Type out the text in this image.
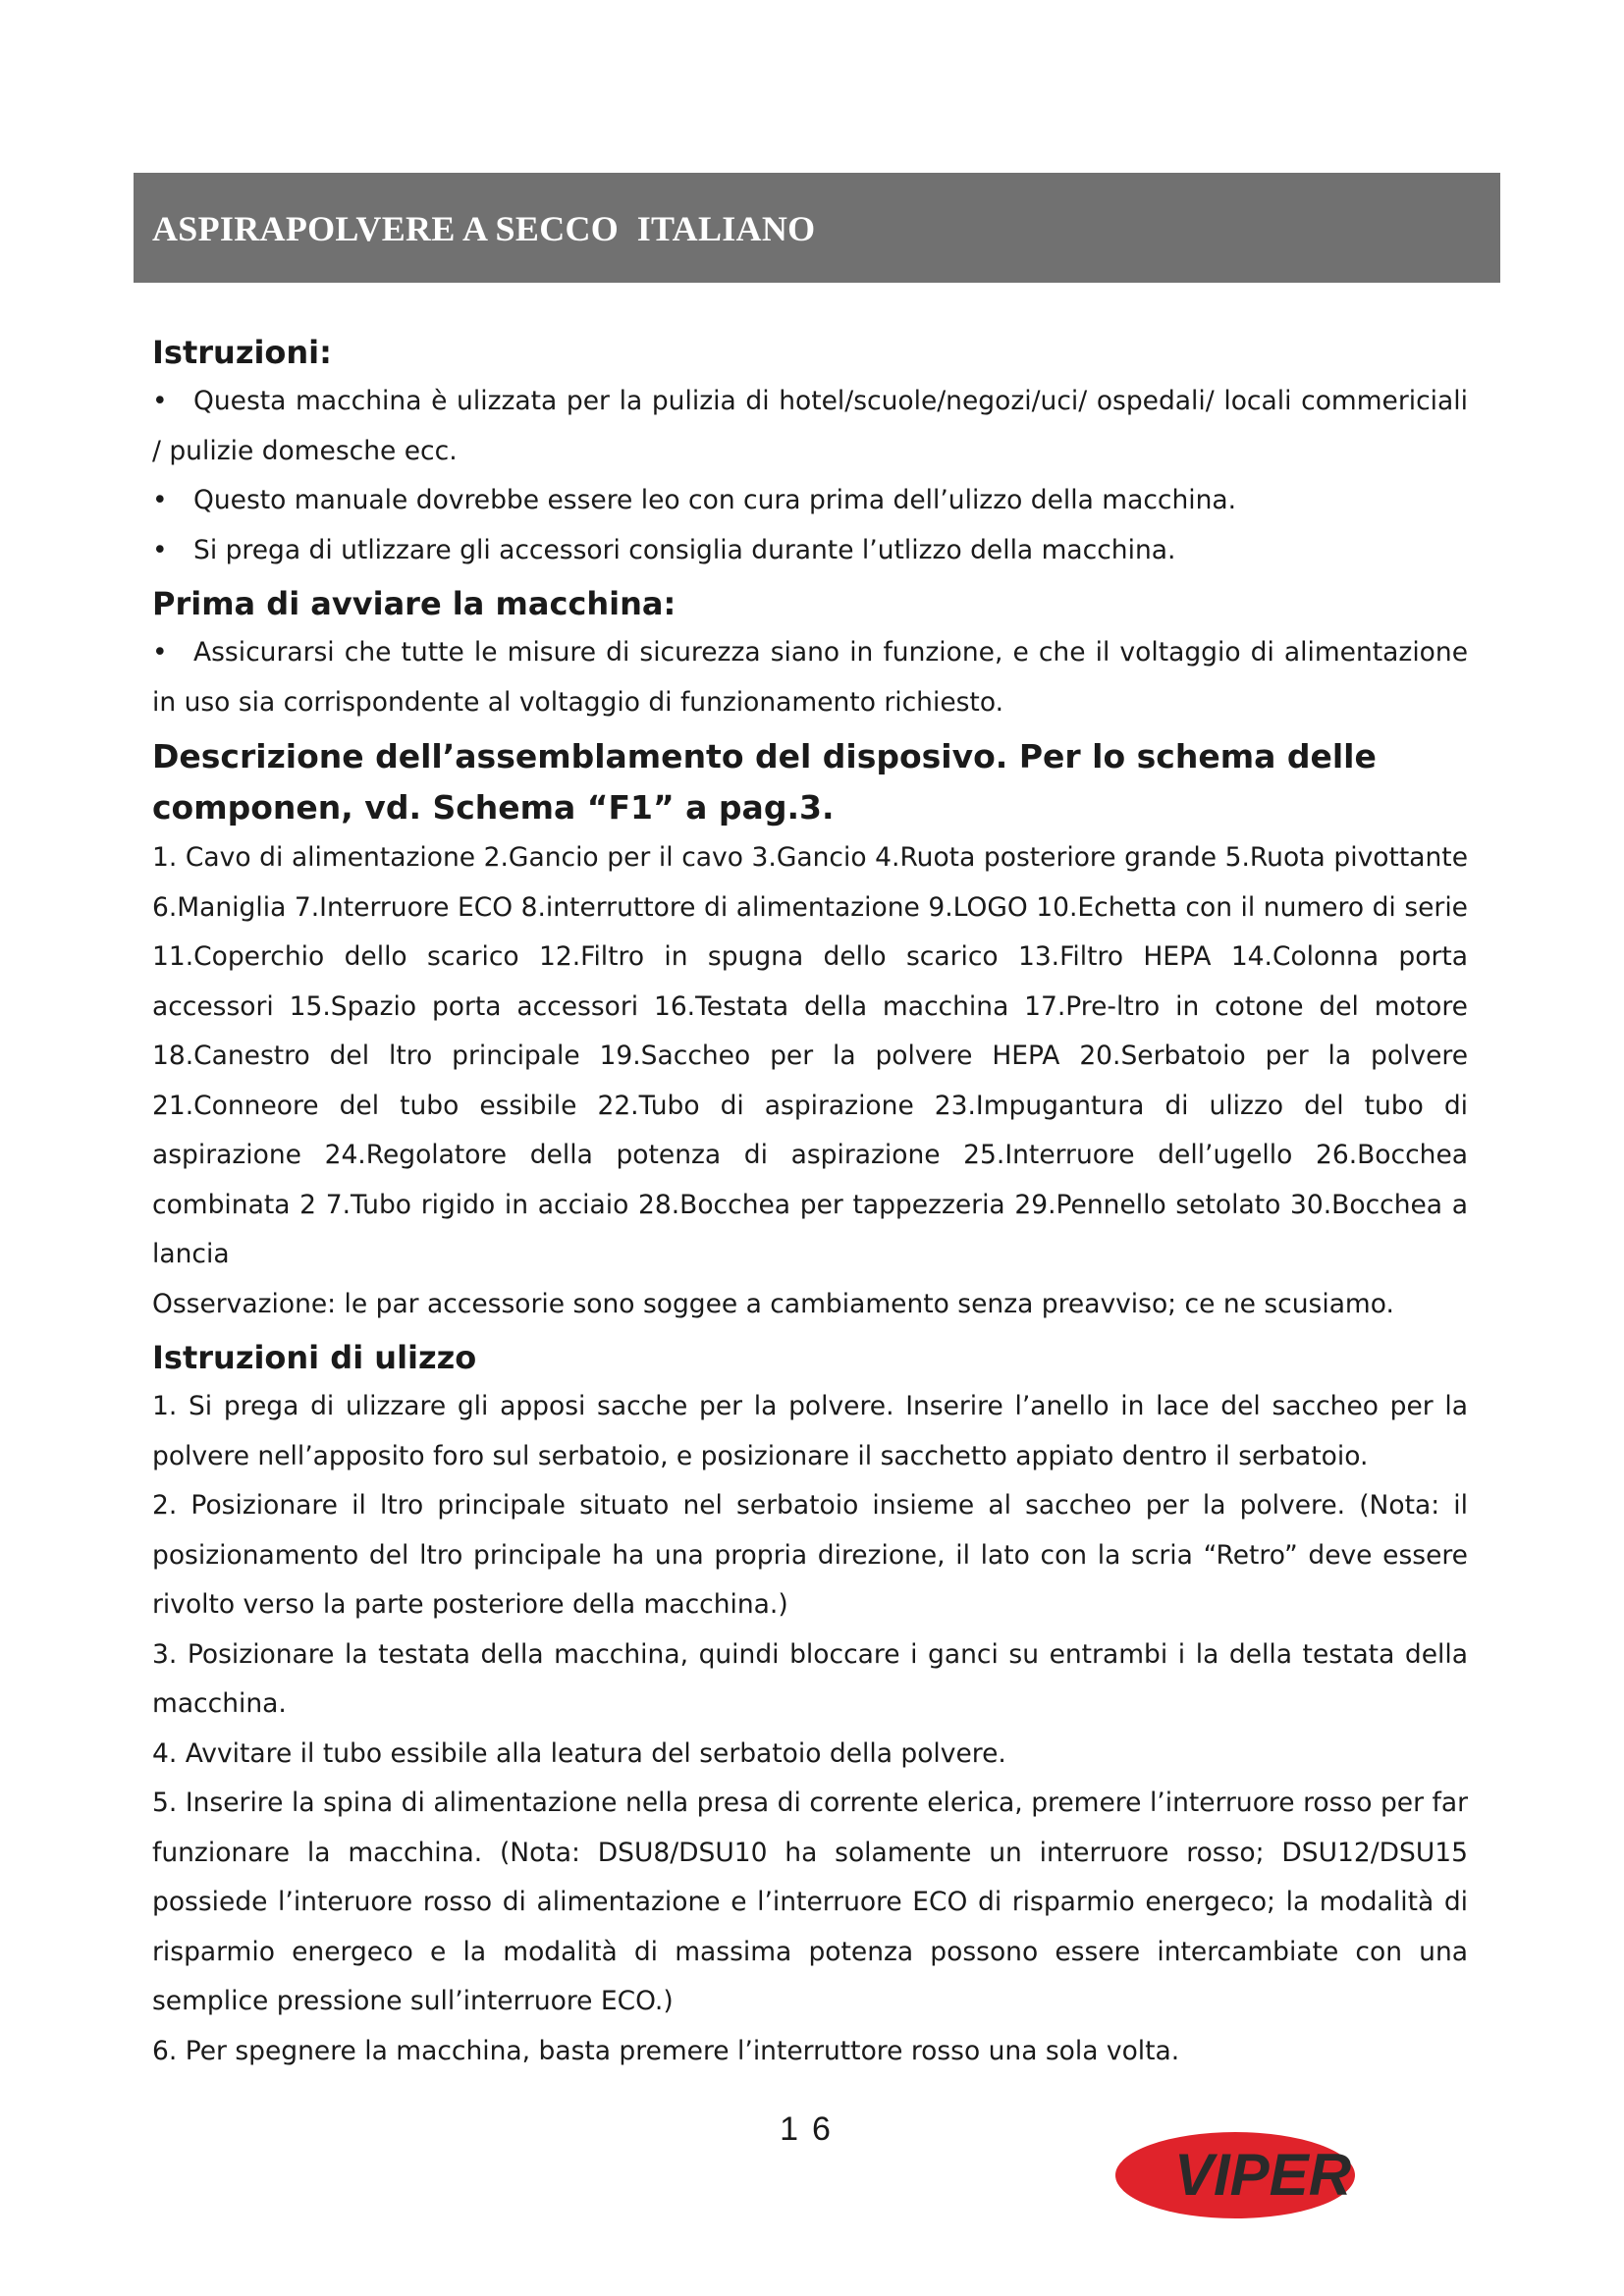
ASPIRAPOLVERE A SECCO  ITALIANO
Istruzioni:

• Questa macchina è ulizzata per la pulizia di hotel/scuole/negozi/uci/ ospedali/ locali commericiali / pulizie domesche ecc.

• Questo manuale dovrebbe essere leo con cura prima dell’ulizzo della macchina.

• Si prega di utlizzare gli accessori consiglia durante l’utlizzo della macchina.

Prima di avviare la macchina:

• Assicurarsi che tutte le misure di sicurezza siano in funzione, e che il voltaggio di alimentazione in uso sia corrispondente al voltaggio di funzionamento richiesto.

Descrizione dell’assemblamento del disposivo. Per lo schema delle componen, vd. Schema “F1” a pag.3.

1. Cavo di alimentazione 2.Gancio per il cavo 3.Gancio 4.Ruota posteriore grande 5.Ruota pivottante 6.Maniglia 7.Interruore ECO 8.interruttore di alimentazione 9.LOGO 10.Echetta con il numero di serie 11.Coperchio dello scarico 12.Filtro in spugna dello scarico 13.Filtro HEPA 14.Colonna porta accessori 15.Spazio porta accessori 16.Testata della macchina 17.Pre-ltro in cotone del motore 18.Canestro del ltro principale 19.Saccheo per la polvere HEPA 20.Serbatoio per la polvere 21.Conneore del tubo essibile 22.Tubo di aspirazione 23.Impugantura di ulizzo del tubo di aspirazione 24.Regolatore della potenza di aspirazione 25.Interruore dell’ugello 26.Bocchea combinata 2 7.Tubo rigido in acciaio 28.Bocchea per tappezzeria 29.Pennello setolato 30.Bocchea a lancia

Osservazione: le par accessorie sono soggee a cambiamento senza preavviso; ce ne scusiamo.

Istruzioni di ulizzo

1. Si prega di ulizzare gli apposi sacche per la polvere. Inserire l’anello in lace del saccheo per la polvere nell’apposito foro sul serbatoio, e posizionare il sacchetto appiato dentro il serbatoio.

2. Posizionare il ltro principale situato nel serbatoio insieme al saccheo per la polvere. (Nota: il posizionamento del ltro principale ha una propria direzione, il lato con la scria “Retro” deve essere rivolto verso la parte posteriore della macchina.)

3. Posizionare la testata della macchina, quindi bloccare i ganci su entrambi i la della testata della macchina.

4. Avvitare il tubo essibile alla leatura del serbatoio della polvere.

5. Inserire la spina di alimentazione nella presa di corrente elerica, premere l’interruore rosso per far funzionare la macchina. (Nota: DSU8/DSU10 ha solamente un interruore rosso; DSU12/DSU15 possiede l’interuore rosso di alimentazione e l’interruore ECO di risparmio energeco; la modalità di risparmio energeco e la modalità di massima potenza possono essere intercambiate con una semplice pressione sull’interruore ECO.)

6. Per spegnere la macchina, basta premere l’interruttore rosso una sola volta.

16
VIPER
